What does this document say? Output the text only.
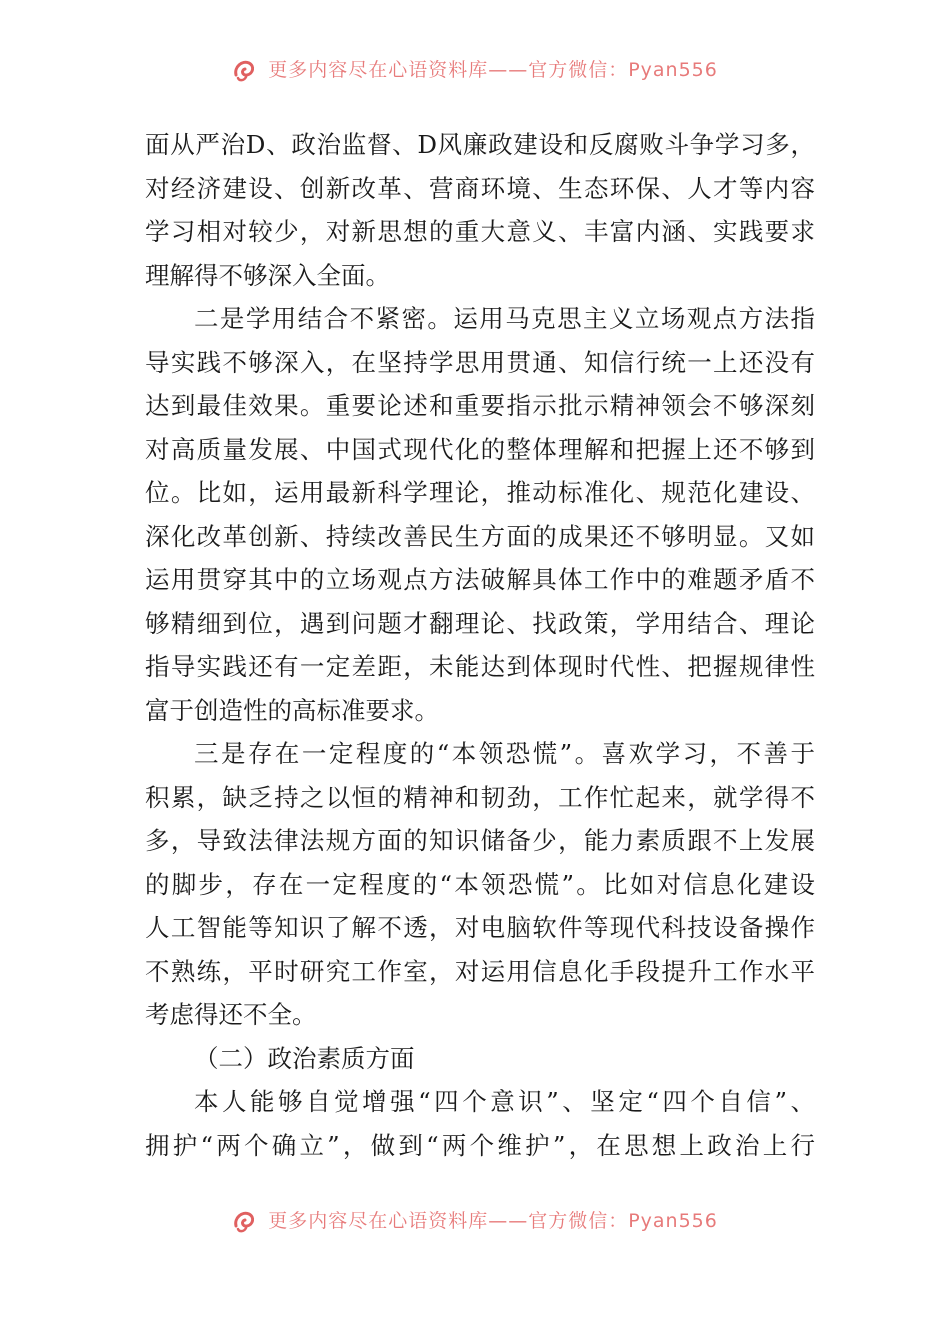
更多内容尽在心语资料库——官方微信：Pyan556
面从严治D、政治监督、D风廉政建设和反腐败斗争学习多，
对经济建设、创新改革、营商环境、生态环保、人才等内容
学习相对较少，对新思想的重大意义、丰富内涵、实践要求
理解得不够深入全面。
二是学用结合不紧密。运用马克思主义立场观点方法指
导实践不够深入，在坚持学思用贯通、知信行统一上还没有
达到最佳效果。重要论述和重要指示批示精神领会不够深刻
对高质量发展、中国式现代化的整体理解和把握上还不够到
位。比如，运用最新科学理论，推动标准化、规范化建设、
深化改革创新、持续改善民生方面的成果还不够明显。又如
运用贯穿其中的立场观点方法破解具体工作中的难题矛盾不
够精细到位，遇到问题才翻理论、找政策，学用结合、理论
指导实践还有一定差距，未能达到体现时代性、把握规律性
富于创造性的高标准要求。
三是存在一定程度的“本领恐慌”。喜欢学习，不善于
积累，缺乏持之以恒的精神和韧劲，工作忙起来，就学得不
多，导致法律法规方面的知识储备少，能力素质跟不上发展
的脚步，存在一定程度的“本领恐慌”。比如对信息化建设
人工智能等知识了解不透，对电脑软件等现代科技设备操作
不熟练，平时研究工作室，对运用信息化手段提升工作水平
考虑得还不全。
（二）政治素质方面
本人能够自觉增强“四个意识”、坚定“四个自信”、
拥护“两个确立”，做到“两个维护”，在思想上政治上行
更多内容尽在心语资料库——官方微信：Pyan556
